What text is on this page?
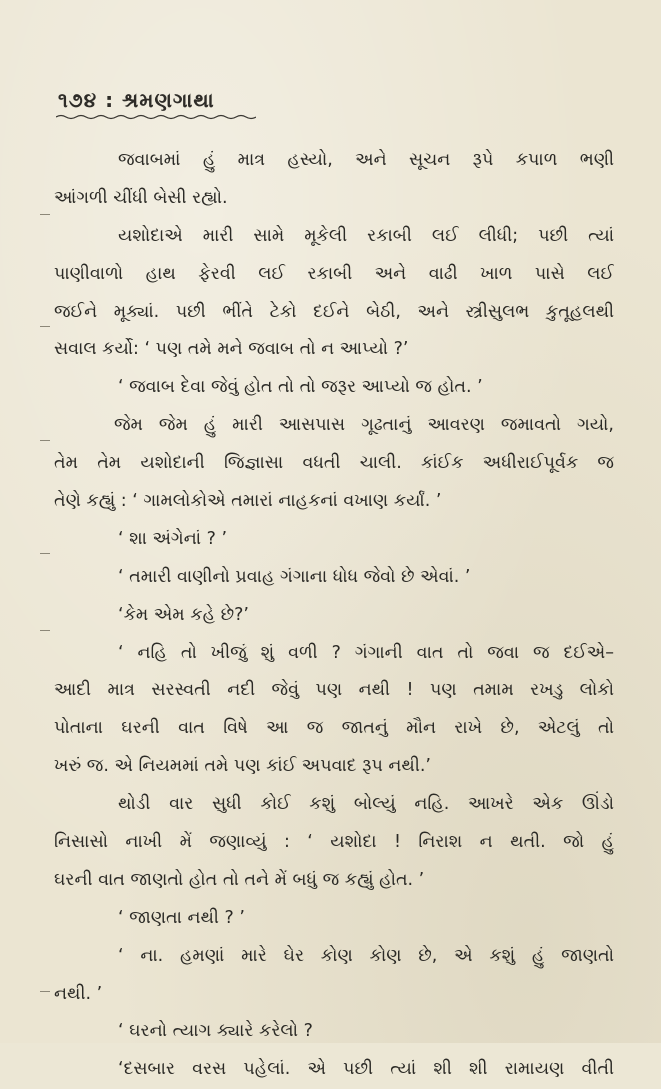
૧૭૪ : શ્રમણગાથા
જવાબમાં હું માત્ર હસ્યો, અને સૂચન રૂપે કપાળ ભણી
આંગળી ચીંધી બેસી રહ્યો.
યશોદાએ મારી સામે મૂકેલી રકાબી લઈ લીધી; પછી ત્યાં
પાણીવાળો હાથ ફેરવી લઈ રકાબી અને વાઢી ખાળ પાસે લઈ
જઈને મૂક્યાં. પછી ભીંતે ટેકો દઈને બેઠી, અને સ્ત્રીસુલભ કુતૂહલથી
સવાલ કર્યો: ‘ પણ તમે મને જવાબ તો ન આપ્યો ?’
‘ જવાબ દેવા જેવું હોત તો તો જરૂર આપ્યો જ હોત. ’
જેમ જેમ હું મારી આસપાસ ગૂઢતાનું આવરણ જમાવતો ગયો,
તેમ તેમ યશોદાની જિજ્ઞાસા વધતી ચાલી. કાંઈક અધીરાઈપૂર્વક જ
તેણે કહ્યું : ‘ ગામલોકોએ તમારાં નાહકનાં વખાણ કર્યાં. ’
‘ શા અંગેનાં ? ’
‘ તમારી વાણીનો પ્રવાહ ગંગાના ધોધ જેવો છે એવાં. ’
‘કેમ એમ કહે છે?’
‘ નહિ તો ખીજું શું વળી ? ગંગાની વાત તો જવા જ દઈએ–
આદી માત્ર સરસ્વતી નદી જેવું પણ નથી ! પણ તમામ રખડુ લોકો
પોતાના ઘરની વાત વિષે આ જ જાતનું મૌન રાખે છે, એટલું તો
ખરું જ. એ નિયમમાં તમે પણ કાંઈ અપવાદ રૂપ નથી.’
થોડી વાર સુધી કોઈ કશું બોલ્યું નહિ. આખરે એક ઊંડો
નિસાસો નાખી મેં જણાવ્યું : ‘ યશોદા ! નિરાશ ન થતી. જો હું
ઘરની વાત જાણતો હોત તો તને મેં બધું જ કહ્યું હોત. ’
‘ જાણતા નથી ? ’
‘ ના. હમણાં મારે ઘેર કોણ કોણ છે, એ કશું હું જાણતો
નથી. ’
‘ ઘરનો ત્યાગ ક્યારે કરેલો ?
‘દસબાર વરસ પહેલાં. એ પછી ત્યાં શી શી રામાયણ વીતી
